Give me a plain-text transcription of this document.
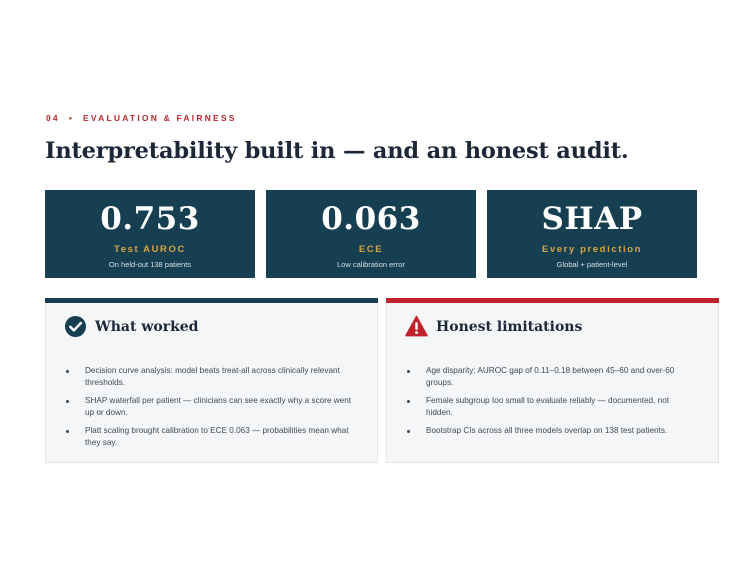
04 • EVALUATION & FAIRNESS
Interpretability built in — and an honest audit.
0.753
Test AUROC
On held-out 138 patients
0.063
ECE
Low calibration error
SHAP
Every prediction
Global + patient-level
What worked
Decision curve analysis: model beats treat-all across clinically relevant thresholds.
SHAP waterfall per patient — clinicians can see exactly why a score went up or down.
Platt scaling brought calibration to ECE 0.063 — probabilities mean what they say.
Honest limitations
Age disparity: AUROC gap of 0.11–0.18 between 45–60 and over-60 groups.
Female subgroup too small to evaluate reliably — documented, not hidden.
Bootstrap CIs across all three models overlap on 138 test patients.
